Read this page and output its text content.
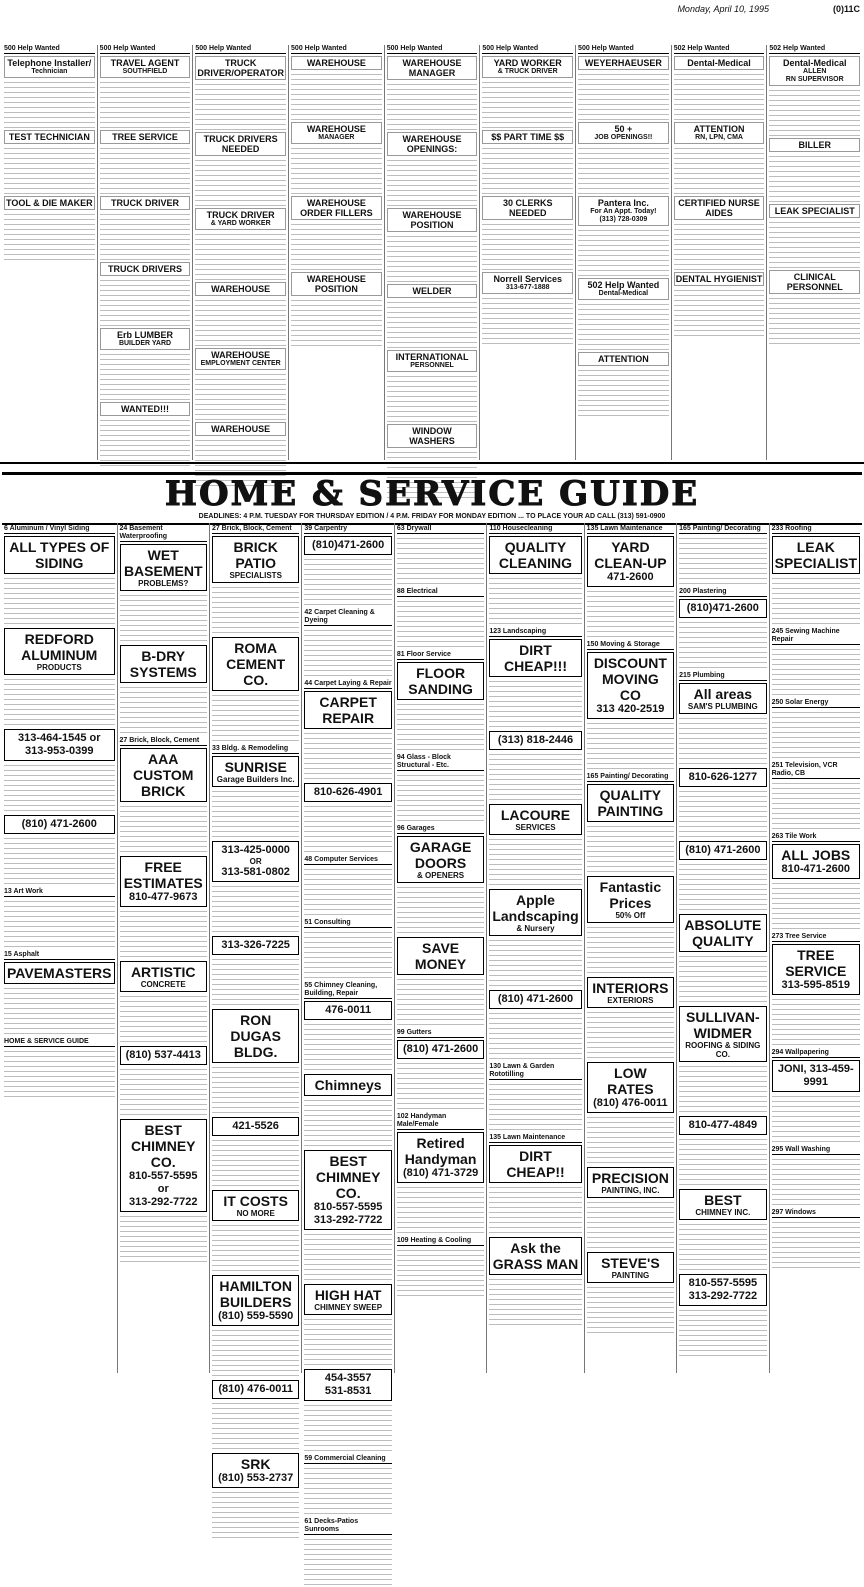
Monday, April 10, 1995	(0)11C
500 Help Wanted
Telephone Installer/
Technician
TEST TECHNICIAN
TOOL & DIE MAKER
500 Help Wanted
TRAVEL AGENT
SOUTHFIELD
TREE SERVICE
TRUCK DRIVER
TRUCK DRIVERS
Erb LUMBER
BUILDER YARD
WANTED!!!
500 Help Wanted
TRUCK DRIVER/OPERATOR
TRUCK DRIVERS NEEDED
TRUCK DRIVER
& YARD WORKER
WAREHOUSE
WAREHOUSE
EMPLOYMENT CENTER
WAREHOUSE
500 Help Wanted
WAREHOUSE
WAREHOUSE
MANAGER
WAREHOUSE ORDER FILLERS
WAREHOUSE POSITION
500 Help Wanted
WAREHOUSE MANAGER
WAREHOUSE OPENINGS:
WAREHOUSE POSITION
WELDER
INTERNATIONAL
PERSONNEL
WINDOW WASHERS
500 Help Wanted
YARD WORKER
& TRUCK DRIVER
$$ PART TIME $$
30 CLERKS NEEDED
Norrell Services
313-677-1888
500 Help Wanted
WEYERHAEUSER
50 +
JOB OPENINGS!!
Pantera Inc.
For An Appt. Today!
(313) 728-0309
502 Help Wanted
Dental-Medical
ATTENTION
502 Help Wanted
Dental-Medical
ATTENTION
RN, LPN, CMA
CERTIFIED NURSE AIDES
DENTAL HYGIENIST
502 Help Wanted
Dental-Medical
ALLEN
RN SUPERVISOR
BILLER
LEAK SPECIALIST
CLINICAL PERSONNEL
HOME & SERVICE GUIDE
DEADLINES: 4 P.M. TUESDAY FOR THURSDAY EDITION / 4 P.M. FRIDAY FOR MONDAY EDITION ... TO PLACE YOUR AD CALL (313) 591-0900
6 Aluminum / Vinyl Siding
ALL TYPES OF SIDING
REDFORD ALUMINUM
PRODUCTS
313-464-1545 or
313-953-0399
(810) 471-2600
13 Art Work
15 Asphalt
PAVEMASTERS
HOME & SERVICE GUIDE
24 Basement Waterproofing
WET BASEMENT
PROBLEMS?
B-DRY SYSTEMS
27 Brick, Block, Cement
AAA CUSTOM BRICK
FREE ESTIMATES
810-477-9673
ARTISTIC
CONCRETE
(810) 537-4413
BEST CHIMNEY CO.
810-557-5595 or
313-292-7722
27 Brick, Block, Cement
BRICK PATIO
SPECIALISTS
ROMA CEMENT CO.
33 Bldg. & Remodeling
SUNRISE
Garage Builders Inc.
313-425-0000
OR
313-581-0802
313-326-7225
RON DUGAS BLDG.
421-5526
IT COSTS
NO MORE
HAMILTON BUILDERS
(810) 559-5590
(810) 476-0011
SRK
(810) 553-2737
39 Carpentry
(810)471-2600
42 Carpet Cleaning & Dyeing
44 Carpet Laying & Repair
CARPET REPAIR
810-626-4901
48 Computer Services
51 Consulting
55 Chimney Cleaning, Building, Repair
476-0011
Chimneys
BEST CHIMNEY CO.
810-557-5595
313-292-7722
HIGH HAT
CHIMNEY SWEEP
454-3557
531-8531
59 Commercial Cleaning
61 Decks-Patios Sunrooms
63 Drywall
88 Electrical
81 Floor Service
FLOOR SANDING
94 Glass - Block Structural - Etc.
96 Garages
GARAGE DOORS
& OPENERS
SAVE MONEY
99 Gutters
(810) 471-2600
102 Handyman Male/Female
Retired Handyman
(810) 471-3729
109 Heating & Cooling
110 Housecleaning
QUALITY CLEANING
123 Landscaping
DIRT CHEAP!!!
(313) 818-2446
LACOURE
SERVICES
Apple Landscaping
& Nursery
(810) 471-2600
130 Lawn & Garden Rototilling
135 Lawn Maintenance
DIRT CHEAP!!
Ask the GRASS MAN
135 Lawn Maintenance
YARD CLEAN-UP
471-2600
150 Moving & Storage
DISCOUNT MOVING CO
313 420-2519
165 Painting/ Decorating
QUALITY PAINTING
Fantastic Prices
50% Off
INTERIORS
EXTERIORS
LOW RATES
(810) 476-0011
PRECISION
PAINTING, INC.
STEVE'S
PAINTING
165 Painting/ Decorating
200 Plastering
(810)471-2600
215 Plumbing
All areas
SAM'S PLUMBING
810-626-1277
(810) 471-2600
ABSOLUTE QUALITY
SULLIVAN-WIDMER
ROOFING & SIDING CO.
810-477-4849
BEST
CHIMNEY INC.
810-557-5595
313-292-7722
233 Roofing
LEAK SPECIALIST
245 Sewing Machine Repair
250 Solar Energy
251 Television, VCR Radio, CB
263 Tile Work
ALL JOBS
810-471-2600
273 Tree Service
TREE SERVICE
313-595-8519
294 Wallpapering
JONI, 313-459-9991
295 Wall Washing
297 Windows
